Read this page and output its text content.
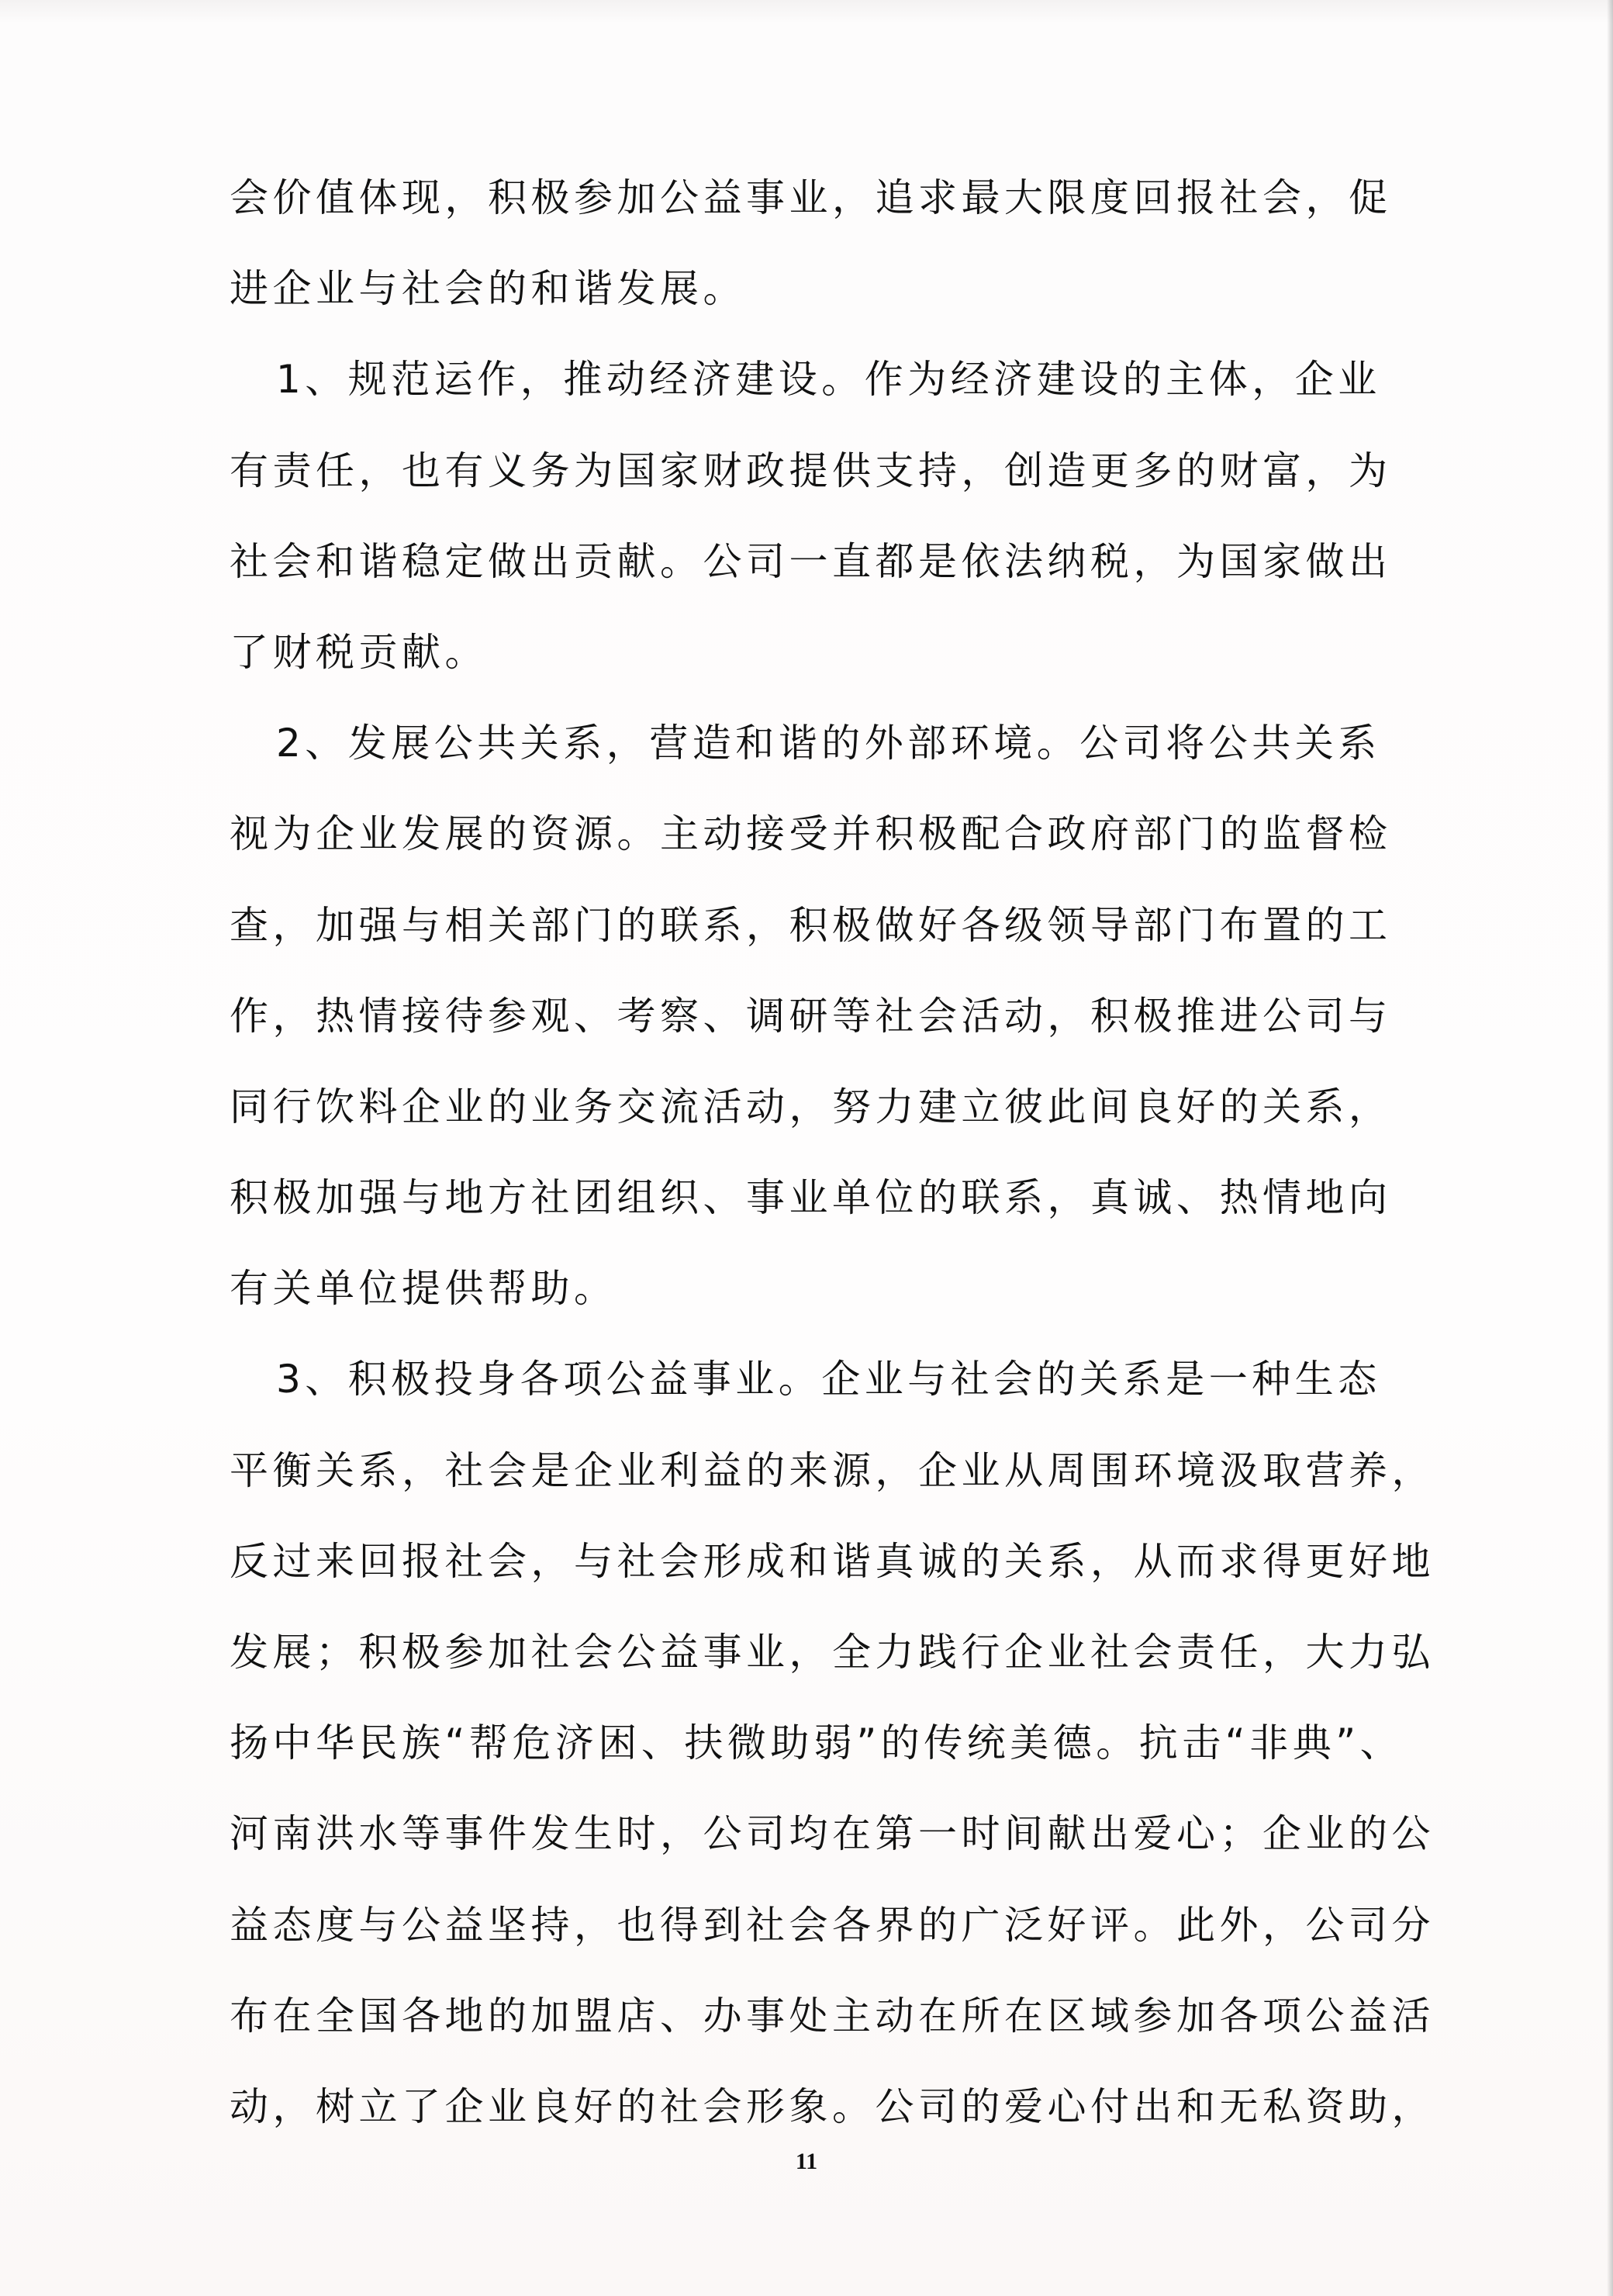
会价值体现，积极参加公益事业，追求最大限度回报社会，促
进企业与社会的和谐发展。
1、规范运作，推动经济建设。作为经济建设的主体，企业
有责任，也有义务为国家财政提供支持，创造更多的财富，为
社会和谐稳定做出贡献。公司一直都是依法纳税，为国家做出
了财税贡献。
2、发展公共关系，营造和谐的外部环境。公司将公共关系
视为企业发展的资源。主动接受并积极配合政府部门的监督检
查，加强与相关部门的联系，积极做好各级领导部门布置的工
作，热情接待参观、考察、调研等社会活动，积极推进公司与
同行饮料企业的业务交流活动，努力建立彼此间良好的关系，
积极加强与地方社团组织、事业单位的联系，真诚、热情地向
有关单位提供帮助。
3、积极投身各项公益事业。企业与社会的关系是一种生态
平衡关系，社会是企业利益的来源，企业从周围环境汲取营养，
反过来回报社会，与社会形成和谐真诚的关系，从而求得更好地
发展；积极参加社会公益事业，全力践行企业社会责任，大力弘
扬中华民族“帮危济困、扶微助弱”的传统美德。抗击“非典”、
河南洪水等事件发生时，公司均在第一时间献出爱心；企业的公
益态度与公益坚持，也得到社会各界的广泛好评。此外，公司分
布在全国各地的加盟店、办事处主动在所在区域参加各项公益活
动，树立了企业良好的社会形象。公司的爱心付出和无私资助，
11
